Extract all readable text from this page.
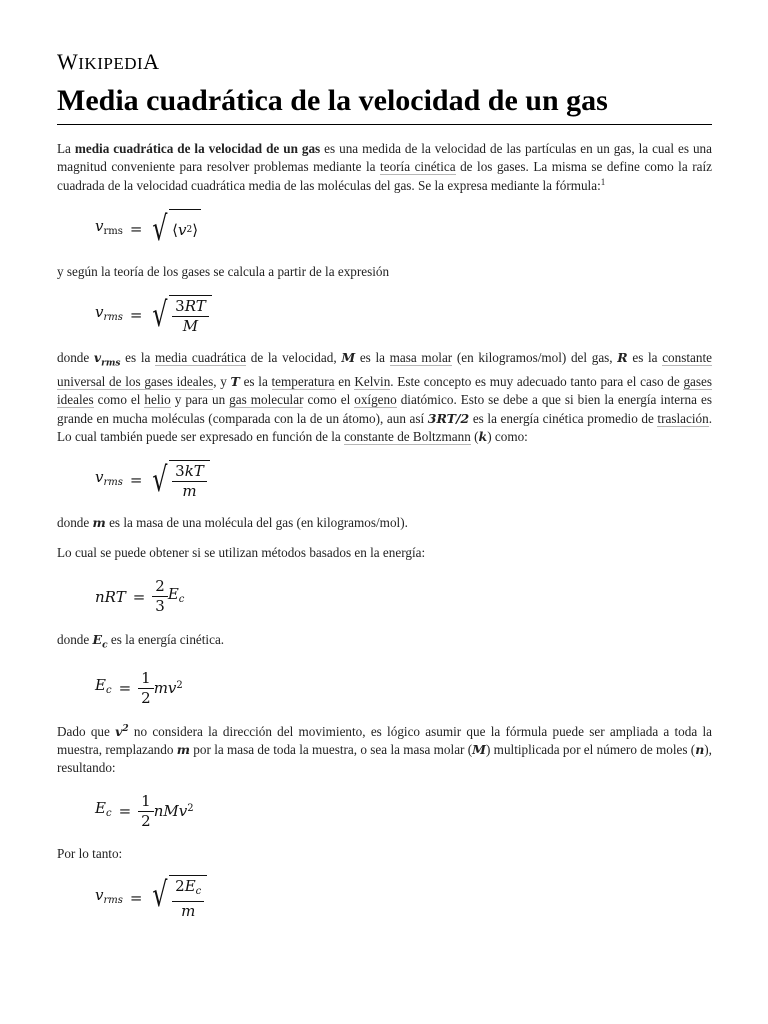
WIKIPEDIA
Media cuadrática de la velocidad de un gas

La media cuadrática de la velocidad de un gas es una medida de la velocidad de las partículas en un gas, la cual es una magnitud conveniente para resolver problemas mediante la teoría cinética de los gases. La misma se define como la raíz cuadrada de la velocidad cuadrática media de las moléculas del gas. Se la expresa mediante la fórmula:$^1$

$v_{rms}$ = √ ⟨ v 2 ⟩

y según la teoría de los gases se calcula a partir de la expresión

$v_{rms}$ = √ $\frac{3RT}{M}$

donde $v_{rms}$ es la media cuadrática de la velocidad, M es la masa molar (en kilogramos/mol) del gas, R es la constante universal de los gases ideales, y T es la temperatura en Kelvin. Este concepto es muy adecuado tanto para el caso de gases ideales como el helio y para un gas molecular como el oxígeno diatómico. Esto se debe a que si bien la energía interna es grande en mucha moléculas (comparada con la de un átomo), aun así 3RT/2 es la energía cinética promedio de traslación. Lo cual también puede ser expresado en función de la constante de Boltzmann (k) como:

$v_{rms}$ = √ $\frac{3kT}{m}$

donde m es la masa de una molécula del gas (en kilogramos/mol).

Lo cual se puede obtener si se utilizan métodos basados en la energía:

nRT = $\frac{2}{3} E_c$

donde $E_c$ es la energía cinética.

$E_c = \frac{1}{2} mv^2$

Dado que $v^2$ no considera la dirección del movimiento, es lógico asumir que la fórmula puede ser ampliada a toda la muestra, remplazando m por la masa de toda la muestra, o sea la masa molar (M) multiplicada por el número de moles (n), resultando:

$E_c = \frac{1}{2} nMv^2$

Por lo tanto:

$v_{rms}$ = √ $\frac{2E_c}{m}$
